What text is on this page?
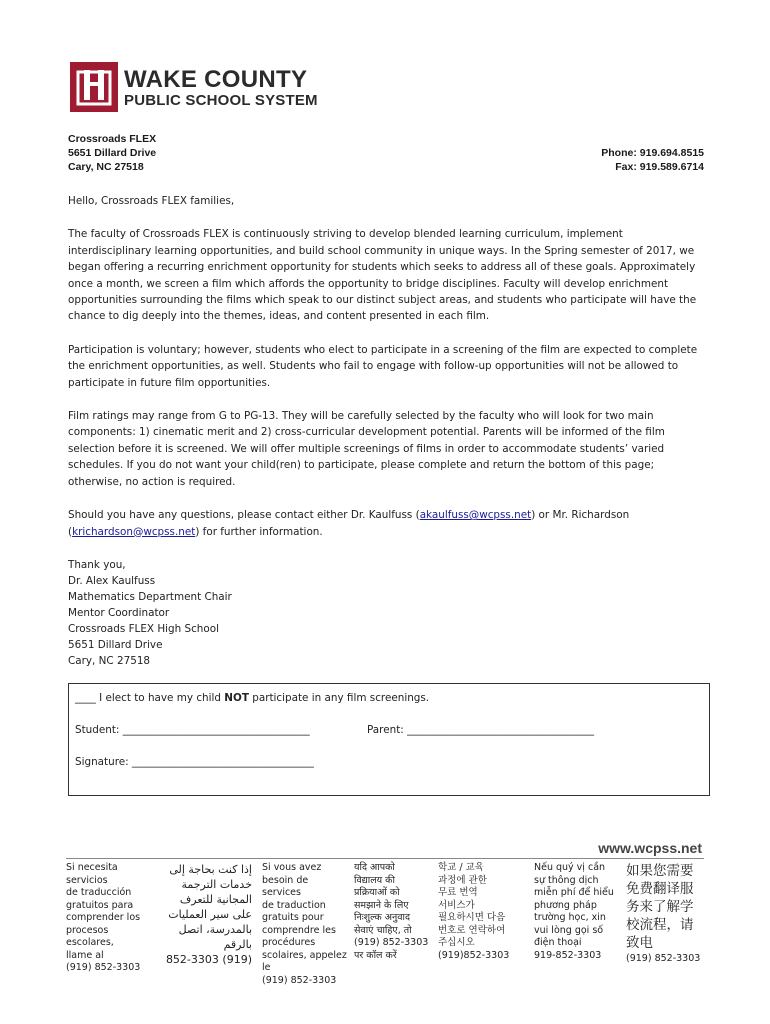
WAKE COUNTY
PUBLIC SCHOOL SYSTEM
Crossroads FLEX
5651 Dillard Drive
Cary, NC 27518
Phone: 919.694.8515
Fax: 919.589.6714

Hello, Crossroads FLEX families,

The faculty of Crossroads FLEX is continuously striving to develop blended learning curriculum, implement interdisciplinary learning opportunities, and build school community in unique ways. In the Spring semester of 2017, we began offering a recurring enrichment opportunity for students which seeks to address all of these goals. Approximately once a month, we screen a film which affords the opportunity to bridge disciplines. Faculty will develop enrichment opportunities surrounding the films which speak to our distinct subject areas, and students who participate will have the chance to dig deeply into the themes, ideas, and content presented in each film.

Participation is voluntary; however, students who elect to participate in a screening of the film are expected to complete the enrichment opportunities, as well. Students who fail to engage with follow-up opportunities will not be allowed to participate in future film opportunities.

Film ratings may range from G to PG-13. They will be carefully selected by the faculty who will look for two main components: 1) cinematic merit and 2) cross-curricular development potential. Parents will be informed of the film selection before it is screened. We will offer multiple screenings of films in order to accommodate students’ varied schedules. If you do not want your child(ren) to participate, please complete and return the bottom of this page; otherwise, no action is required.

Should you have any questions, please contact either Dr. Kaulfuss (akaulfuss@wcpss.net) or Mr. Richardson (krichardson@wcpss.net) for further information.

Thank you,
Dr. Alex Kaulfuss
Mathematics Department Chair
Mentor Coordinator
Crossroads FLEX High School
5651 Dillard Drive
Cary, NC 27518
____ I elect to have my child NOT participate in any film screenings.
Student: ____________________________________	Parent: ____________________________________
Signature: ___________________________________
www.wcpss.net
Si necesita servicios
de traducción
gratuitos para
comprender los
procesos escolares,
llame al
(919) 852-3303
إذا كنت بحاجة إلى
خدمات الترجمة
المجانية للتعرف
على سير العمليات
بالمدرسة، اتصل
بالرقم
(919) 852-3303
Si vous avez
besoin de services
de traduction
gratuits pour
comprendre les
procédures
scolaires, appelez
le
(919) 852-3303
यदि आपको
विद्यालय की
प्रक्रियाओं को
समझाने के लिए
निःशुल्क अनुवाद
सेवाएं चाहिए, तो
(919) 852-3303
पर कॉल करें
학교 / 교육
과정에 관한
무료 번역
서비스가
필요하시면 다음
번호로 연락하여
주십시오
(919)852-3303
Nếu quý vị cần
sự thông dịch
miễn phí để hiểu
phương pháp
trường học, xin
vui lòng gọi số
điện thoại
919-852-3303
如果您需要
免费翻译服
务来了解学
校流程，请
致电
(919) 852-3303
